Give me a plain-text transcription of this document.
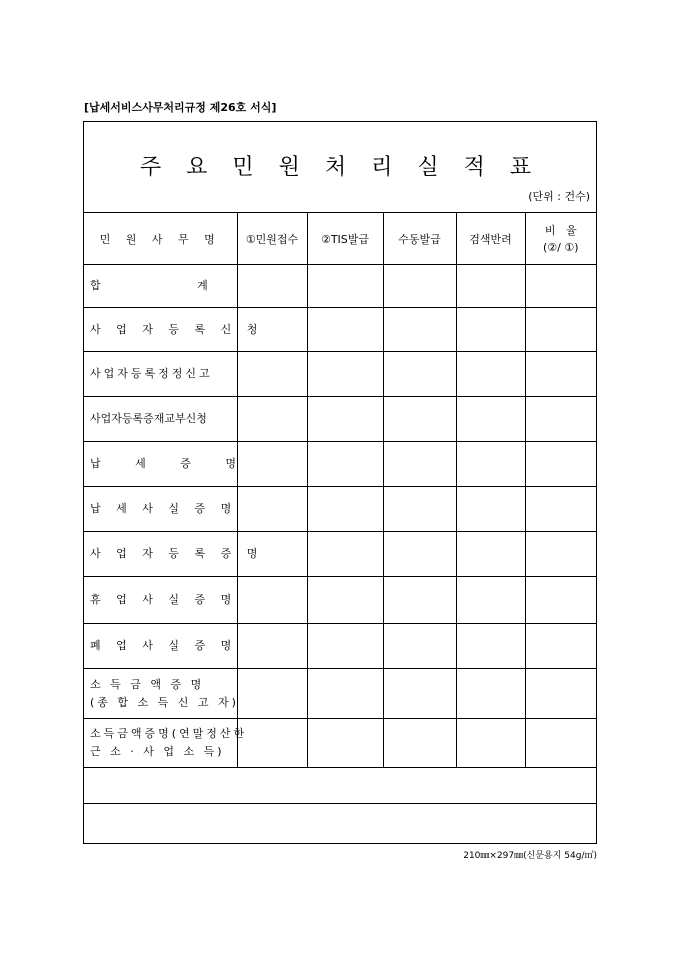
[납세서비스사무처리규정 제26호 서식]
주 요 민 원 처 리 실 적 표
(단위 : 건수)
민 원 사 무 명	①민원접수	②TIS발급	수동발급	검색반려	비   율
(②/ ①)

합       계					

사 업 자 등 록 신 청					

사업자등록정정신고					

사업자등록증재교부신청					

납   세   증   명					

납 세 사 실 증 명					

사 업 자 등 록 증 명					

휴 업 사 실 증 명					

폐 업 사 실 증 명					

소 득 금 액 증 명
(종 합 소 득 신 고 자)					

소득금액증명(연말정산한
근 소 · 사 업 소 득)					

210㎜×297㎜(신문용지 54g/㎡)
